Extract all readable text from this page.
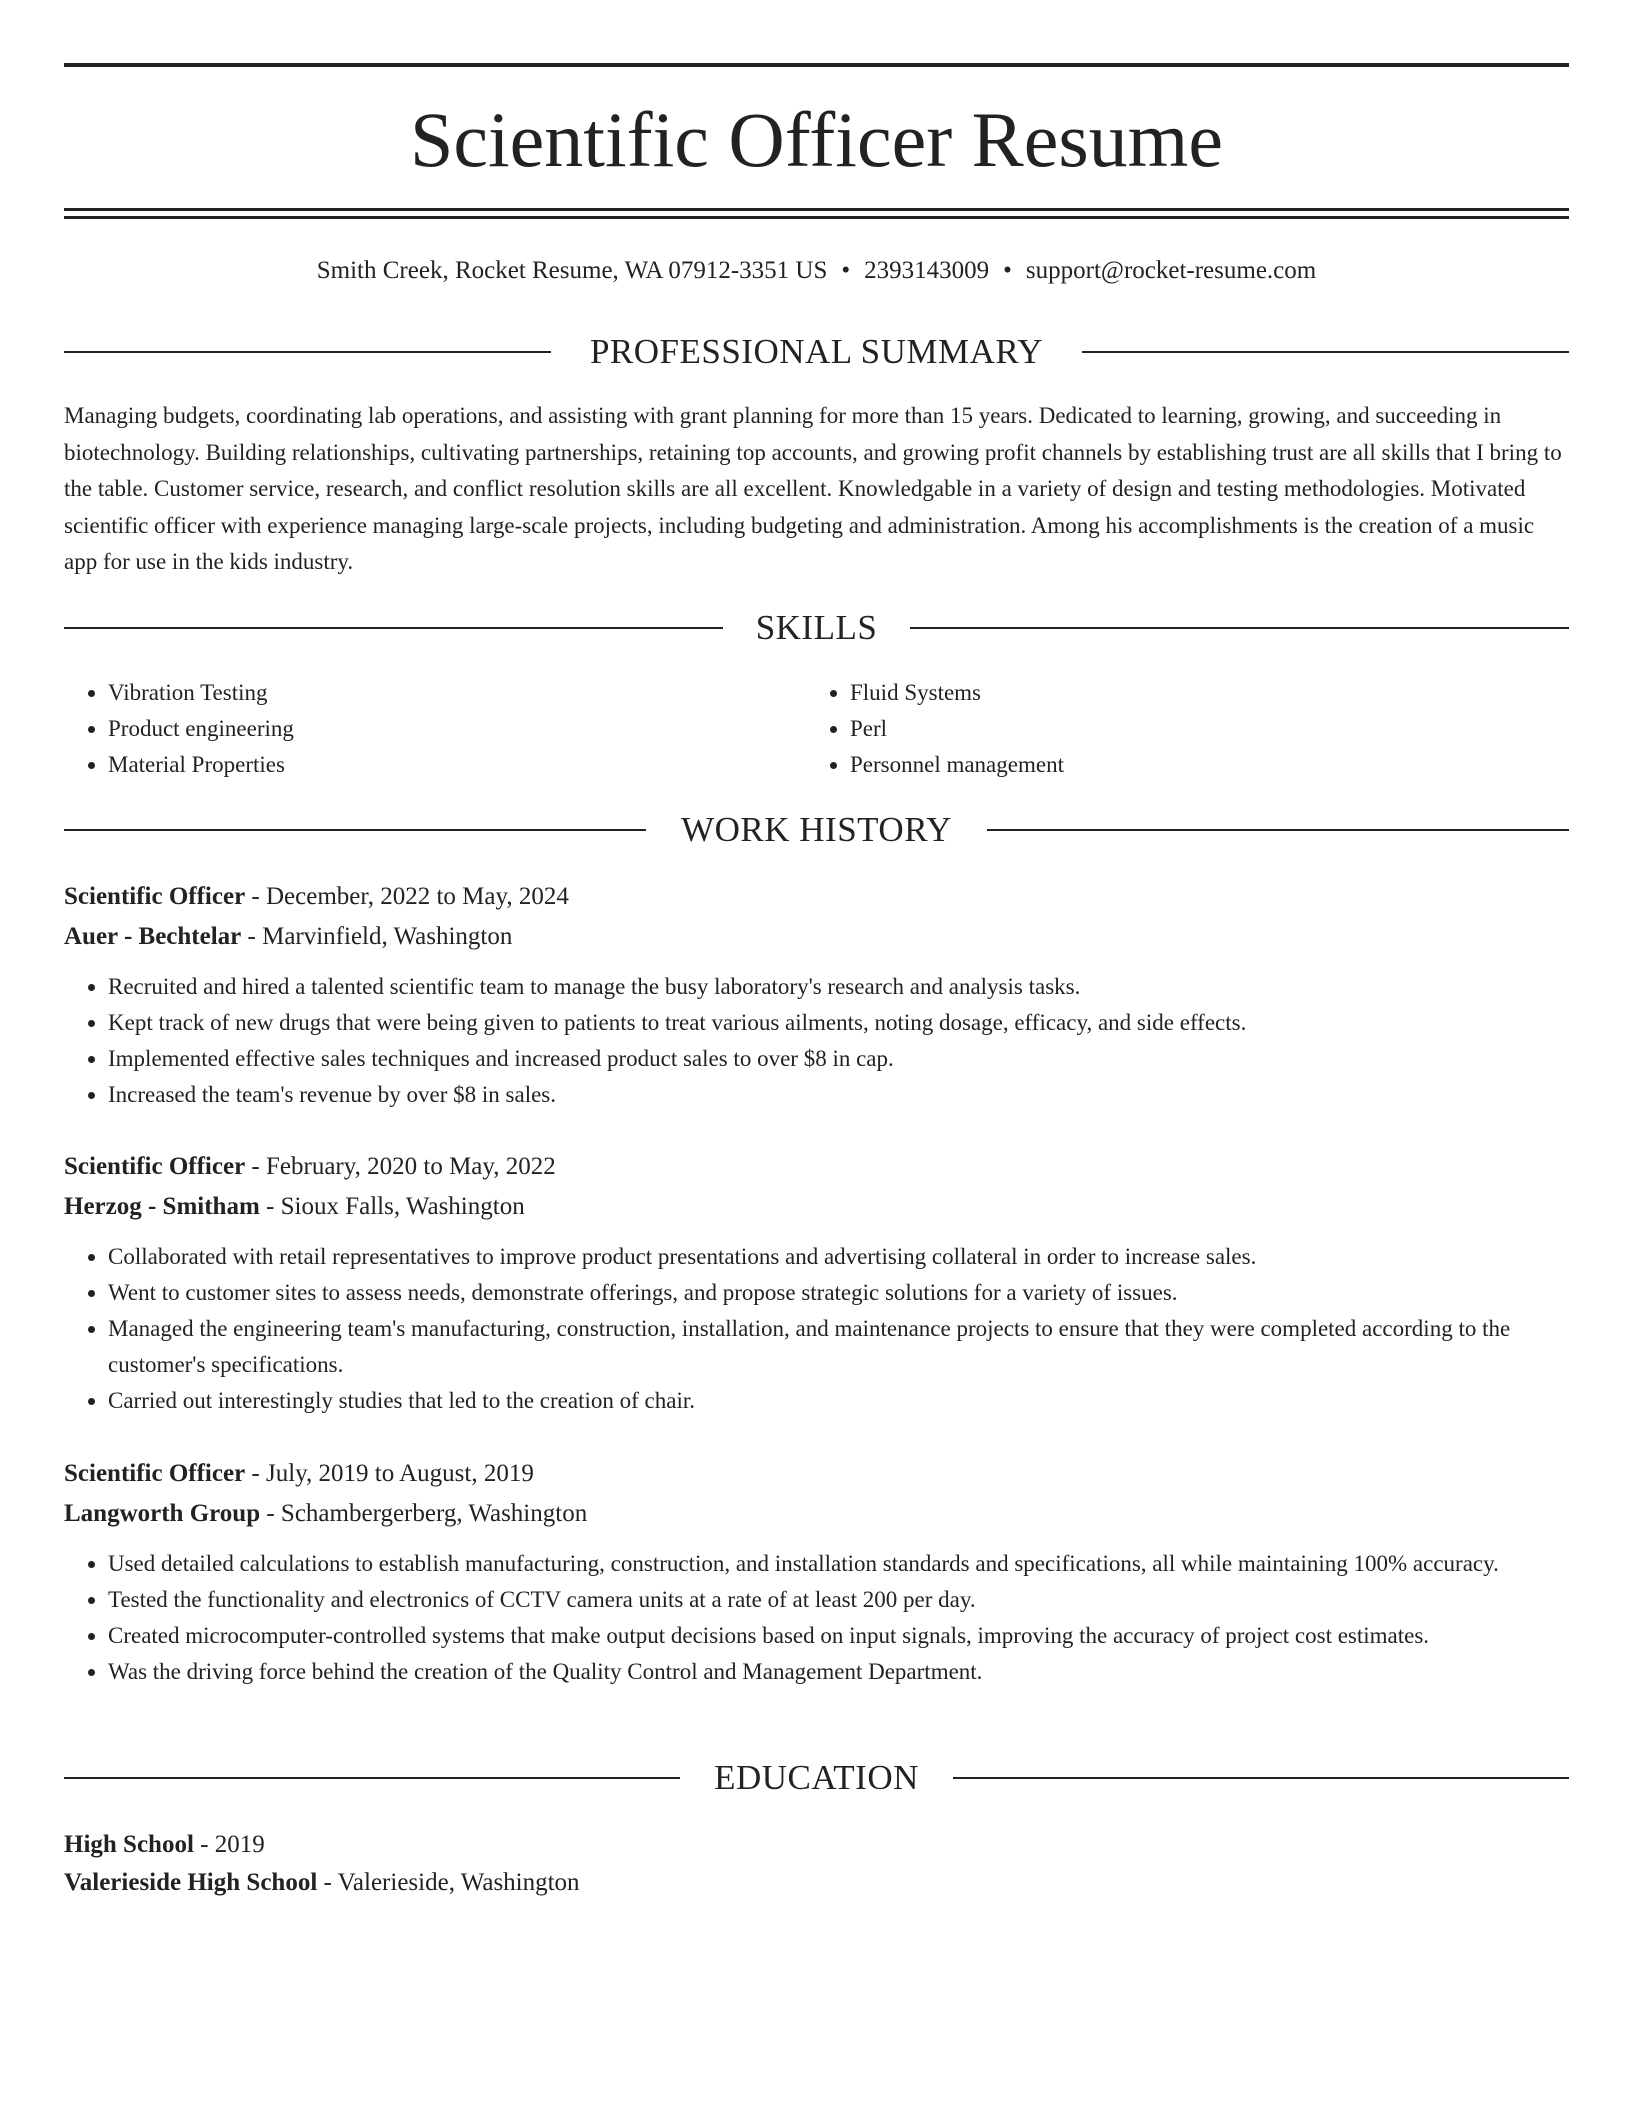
Scientific Officer Resume
Smith Creek, Rocket Resume, WA 07912-3351 US • 2393143009 • support@rocket-resume.com
PROFESSIONAL SUMMARY

Managing budgets, coordinating lab operations, and assisting with grant planning for more than 15 years. Dedicated to learning, growing, and succeeding in biotechnology. Building relationships, cultivating partnerships, retaining top accounts, and growing profit channels by establishing trust are all skills that I bring to the table. Customer service, research, and conflict resolution skills are all excellent. Knowledgable in a variety of design and testing methodologies. Motivated scientific officer with experience managing large-scale projects, including budgeting and administration. Among his accomplishments is the creation of a music app for use in the kids industry.

SKILLS
• Vibration Testing
• Product engineering
• Material Properties
• Fluid Systems
• Perl
• Personnel management
WORK HISTORY
Scientific Officer - December, 2022 to May, 2024
Auer - Bechtelar - Marvinfield, Washington
• Recruited and hired a talented scientific team to manage the busy laboratory's research and analysis tasks.
• Kept track of new drugs that were being given to patients to treat various ailments, noting dosage, efficacy, and side effects.
• Implemented effective sales techniques and increased product sales to over $8 in cap.
• Increased the team's revenue by over $8 in sales.
Scientific Officer - February, 2020 to May, 2022
Herzog - Smitham - Sioux Falls, Washington
• Collaborated with retail representatives to improve product presentations and advertising collateral in order to increase sales.
• Went to customer sites to assess needs, demonstrate offerings, and propose strategic solutions for a variety of issues.
• Managed the engineering team's manufacturing, construction, installation, and maintenance projects to ensure that they were completed according to the customer's specifications.
• Carried out interestingly studies that led to the creation of chair.
Scientific Officer - July, 2019 to August, 2019
Langworth Group - Schambergerberg, Washington
• Used detailed calculations to establish manufacturing, construction, and installation standards and specifications, all while maintaining 100% accuracy.
• Tested the functionality and electronics of CCTV camera units at a rate of at least 200 per day.
• Created microcomputer-controlled systems that make output decisions based on input signals, improving the accuracy of project cost estimates.
• Was the driving force behind the creation of the Quality Control and Management Department.
EDUCATION
High School - 2019
Valerieside High School - Valerieside, Washington
